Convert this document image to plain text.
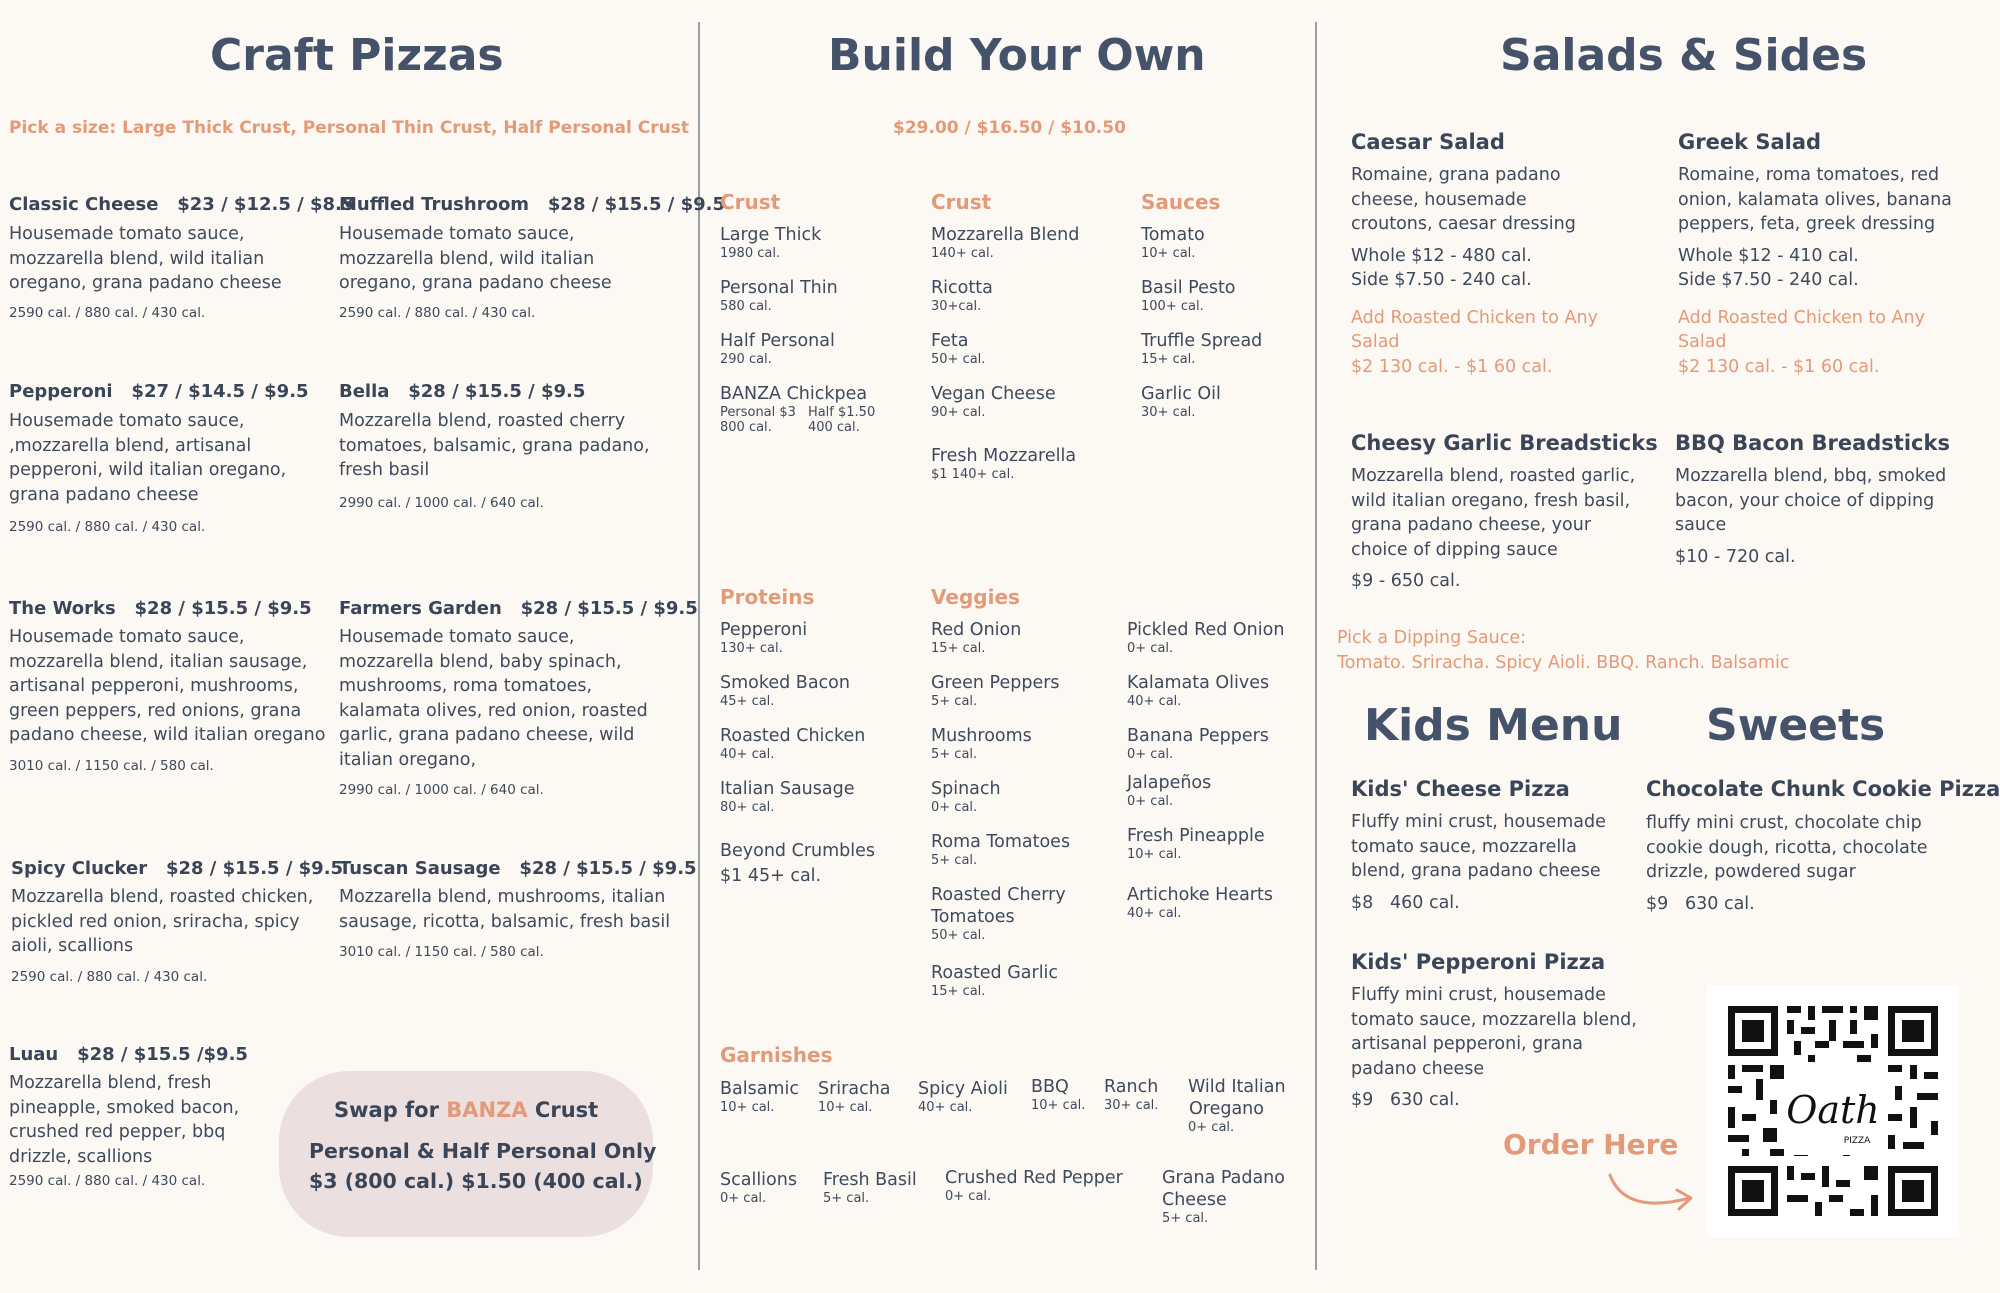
Craft Pizzas
Pick a size: Large Thick Crust, Personal Thin Crust, Half Personal Crust
Classic Cheese $23 / $12.5 / $8.5
Housemade tomato sauce, mozzarella blend, wild italian oregano, grana padano cheese
2590 cal. / 880 cal. / 430 cal.
Muffled Trushroom $28 / $15.5 / $9.5
Housemade tomato sauce, mozzarella blend, wild italian oregano, grana padano cheese
2590 cal. / 880 cal. / 430 cal.
Pepperoni $27 / $14.5 / $9.5
Housemade tomato sauce, ,mozzarella blend, artisanal pepperoni, wild italian oregano, grana padano cheese
2590 cal. / 880 cal. / 430 cal.
Bella $28 / $15.5 / $9.5
Mozzarella blend, roasted cherry tomatoes, balsamic, grana padano, fresh basil
2990 cal. / 1000 cal. / 640 cal.
The Works $28 / $15.5 / $9.5
Housemade tomato sauce, mozzarella blend, italian sausage, artisanal pepperoni, mushrooms, green peppers, red onions, grana padano cheese, wild italian oregano
3010 cal. / 1150 cal. / 580 cal.
Farmers Garden $28 / $15.5 / $9.5
Housemade tomato sauce, mozzarella blend, baby spinach, mushrooms, roma tomatoes, kalamata olives, red onion, roasted garlic, grana padano cheese, wild italian oregano,
2990 cal. / 1000 cal. / 640 cal.
Spicy Clucker $28 / $15.5 / $9.5
Mozzarella blend, roasted chicken, pickled red onion, sriracha, spicy aioli, scallions
2590 cal. / 880 cal. / 430 cal.
Tuscan Sausage $28 / $15.5 / $9.5
Mozzarella blend, mushrooms, italian sausage, ricotta, balsamic, fresh basil
3010 cal. / 1150 cal. / 580 cal.
Luau $28 / $15.5 /$9.5
Mozzarella blend, fresh pineapple, smoked bacon, crushed red pepper, bbq drizzle, scallions
2590 cal. / 880 cal. / 430 cal.
Swap for BANZA Crust
Personal & Half Personal Only
$3 (800 cal.) $1.50 (400 cal.)
Build Your Own
$29.00 / $16.50 / $10.50
Crust
Large Thick
1980 cal.
Personal Thin
580 cal.
Half Personal
290 cal.
BANZA Chickpea
Personal $3
800 cal.
Half $1.50
400 cal.
Crust
Mozzarella Blend
140+ cal.
Ricotta
30+cal.
Feta
50+ cal.
Vegan Cheese
90+ cal.
Fresh Mozzarella
$1 140+ cal.
Sauces
Tomato
10+ cal.
Basil Pesto
100+ cal.
Truffle Spread
15+ cal.
Garlic Oil
30+ cal.
Proteins
Pepperoni
130+ cal.
Smoked Bacon
45+ cal.
Roasted Chicken
40+ cal.
Italian Sausage
80+ cal.
Beyond Crumbles
$1 45+ cal.
Veggies
Red Onion
15+ cal.
Green Peppers
5+ cal.
Mushrooms
5+ cal.
Spinach
0+ cal.
Roma Tomatoes
5+ cal.
Roasted Cherry
Tomatoes
50+ cal.
Roasted Garlic
15+ cal.
Pickled Red Onion
0+ cal.
Kalamata Olives
40+ cal.
Banana Peppers
0+ cal.
Jalapeños
0+ cal.
Fresh Pineapple
10+ cal.
Artichoke Hearts
40+ cal.
Garnishes
Balsamic
10+ cal.
Sriracha
10+ cal.
Spicy Aioli
40+ cal.
BBQ
10+ cal.
Ranch
30+ cal.
Wild Italian
Oregano
0+ cal.
Scallions
0+ cal.
Fresh Basil
5+ cal.
Crushed Red Pepper
0+ cal.
Grana Padano
Cheese
5+ cal.
Salads & Sides
Caesar Salad
Romaine, grana padano cheese, housemade croutons, caesar dressing
Whole $12 - 480 cal.
Side $7.50 - 240 cal.
Add Roasted Chicken to Any Salad
$2 130 cal. - $1 60 cal.
Greek Salad
Romaine, roma tomatoes, red onion, kalamata olives, banana peppers, feta, greek dressing
Whole $12 - 410 cal.
Side $7.50 - 240 cal.
Add Roasted Chicken to Any Salad
$2 130 cal. - $1 60 cal.
Cheesy Garlic Breadsticks
Mozzarella blend, roasted garlic, wild italian oregano, fresh basil, grana padano cheese, your choice of dipping sauce
$9 - 650 cal.
BBQ Bacon Breadsticks
Mozzarella blend, bbq, smoked bacon, your choice of dipping sauce
$10 - 720 cal.
Pick a Dipping Sauce:
Tomato. Sriracha. Spicy Aioli. BBQ. Ranch. Balsamic
Kids Menu
Kids' Cheese Pizza
Fluffy mini crust, housemade tomato sauce, mozzarella blend, grana padano cheese
$8 460 cal.
Kids' Pepperoni Pizza
Fluffy mini crust, housemade tomato sauce, mozzarella blend, artisanal pepperoni, grana padano cheese
$9 630 cal.
Sweets
Chocolate Chunk Cookie Pizza
fluffy mini crust, chocolate chip cookie dough, ricotta, chocolate drizzle, powdered sugar
$9 630 cal.
Order Here
Oath
PIZZA
